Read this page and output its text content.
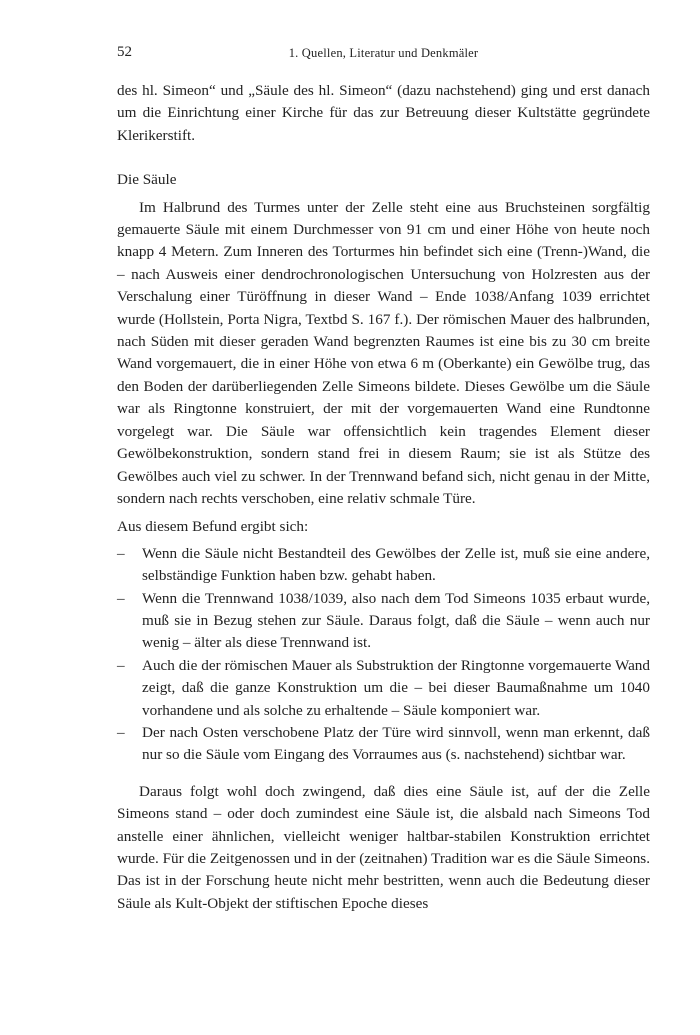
52	1. Quellen, Literatur und Denkmäler

des hl. Simeon“ und „Säule des hl. Simeon“ (dazu nachstehend) ging und erst danach um die Einrichtung einer Kirche für das zur Betreuung dieser Kultstätte gegründete Klerikerstift.

Die Säule

Im Halbrund des Turmes unter der Zelle steht eine aus Bruchsteinen sorgfältig gemauerte Säule mit einem Durchmesser von 91 cm und einer Höhe von heute noch knapp 4 Metern. Zum Inneren des Torturmes hin befindet sich eine (Trenn-)Wand, die – nach Ausweis einer dendrochronologischen Untersuchung von Holzresten aus der Verschalung einer Türöffnung in dieser Wand – Ende 1038/Anfang 1039 errichtet wurde (Hollstein, Porta Nigra, Textbd S. 167 f.). Der römischen Mauer des halbrunden, nach Süden mit dieser geraden Wand begrenzten Raumes ist eine bis zu 30 cm breite Wand vorgemauert, die in einer Höhe von etwa 6 m (Oberkante) ein Gewölbe trug, das den Boden der darüberliegenden Zelle Simeons bildete. Dieses Gewölbe um die Säule war als Ringtonne konstruiert, der mit der vorgemauerten Wand eine Rundtonne vorgelegt war. Die Säule war offensichtlich kein tragendes Element dieser Gewölbekonstruktion, sondern stand frei in diesem Raum; sie ist als Stütze des Gewölbes auch viel zu schwer. In der Trennwand befand sich, nicht genau in der Mitte, sondern nach rechts verschoben, eine relativ schmale Türe.

Aus diesem Befund ergibt sich:

– Wenn die Säule nicht Bestandteil des Gewölbes der Zelle ist, muß sie eine andere, selbständige Funktion haben bzw. gehabt haben.
– Wenn die Trennwand 1038/1039, also nach dem Tod Simeons 1035 erbaut wurde, muß sie in Bezug stehen zur Säule. Daraus folgt, daß die Säule – wenn auch nur wenig – älter als diese Trennwand ist.
– Auch die der römischen Mauer als Substruktion der Ringtonne vorgemauerte Wand zeigt, daß die ganze Konstruktion um die – bei dieser Baumaßnahme um 1040 vorhandene und als solche zu erhaltende – Säule komponiert war.
– Der nach Osten verschobene Platz der Türe wird sinnvoll, wenn man erkennt, daß nur so die Säule vom Eingang des Vorraumes aus (s. nachstehend) sichtbar war.

Daraus folgt wohl doch zwingend, daß dies eine Säule ist, auf der die Zelle Simeons stand – oder doch zumindest eine Säule ist, die alsbald nach Simeons Tod anstelle einer ähnlichen, vielleicht weniger haltbar-stabilen Konstruktion errichtet wurde. Für die Zeitgenossen und in der (zeitnahen) Tradition war es die Säule Simeons. Das ist in der Forschung heute nicht mehr bestritten, wenn auch die Bedeutung dieser Säule als Kult-Objekt der stiftischen Epoche dieses
